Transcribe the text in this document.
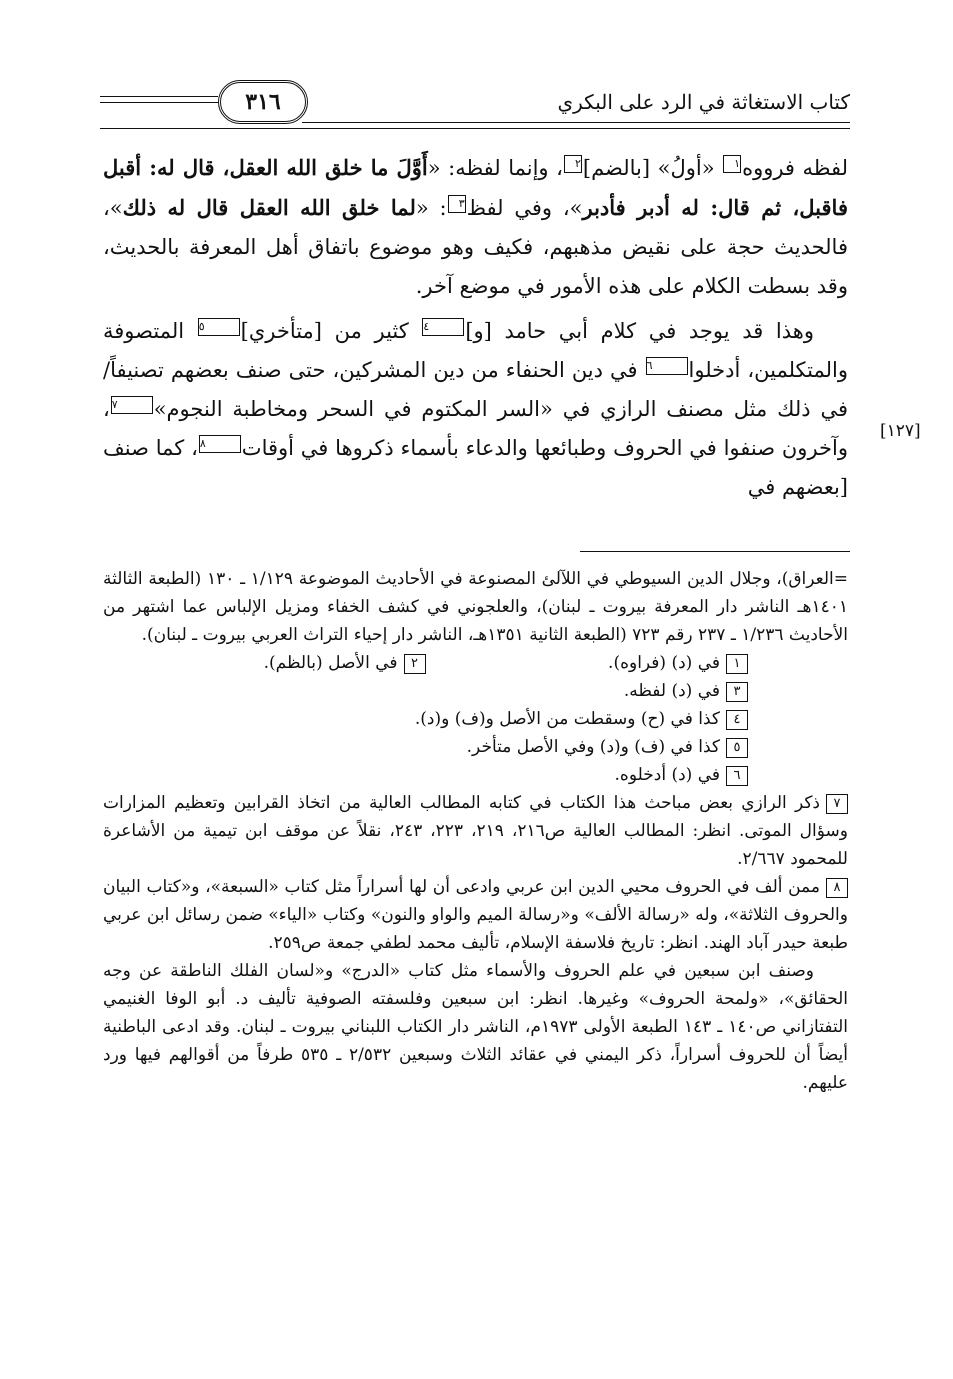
٣١٦	كتاب الاستغاثة في الرد على البكري
[١٢٧]

لفظه فرووه١ «أولُ» [بالضم]٢، وإنما لفظه: «أَوَّلَ ما خلق الله العقل، قال له: أقبل فاقبل، ثم قال: له أدبر فأدبر»، وفي لفظ٣: «لما خلق الله العقل قال له ذلك»، فالحديث حجة على نقيض مذهبهم، فكيف وهو موضوع باتفاق أهل المعرفة بالحديث، وقد بسطت الكلام على هذه الأمور في موضع آخر.

وهذا قد يوجد في كلام أبي حامد [و]٤ كثير من [متأخري]٥ المتصوفة والمتكلمين، أدخلوا٦ في دين الحنفاء من دين المشركين، حتى صنف بعضهم تصنيفاً/ في ذلك مثل مصنف الرازي في «السر المكتوم في السحر ومخاطبة النجوم»٧، وآخرون صنفوا في الحروف وطبائعها والدعاء بأسماء ذكروها في أوقات٨، كما صنف [بعضهم في

=العراق)، وجلال الدين السيوطي في اللآلئ المصنوعة في الأحاديث الموضوعة ١/١٢٩ ـ ١٣٠ (الطبعة الثالثة ١٤٠١هـ الناشر دار المعرفة بيروت ـ لبنان)، والعلجوني في كشف الخفاء ومزيل الإلباس عما اشتهر من الأحاديث ١/٢٣٦ ـ ٢٣٧ رقم ٧٢٣ (الطبعة الثانية ١٣٥١هـ، الناشر دار إحياء التراث العربي بيروت ـ لبنان).

١في (د) (فراوه).
٢في الأصل (بالظم).
٣في (د) لفظه.
٤كذا في (ح) وسقطت من الأصل و(ف) و(د).
٥كذا في (ف) و(د) وفي الأصل متأخر.
٦في (د) أدخلوه.
٧ذكر الرازي بعض مباحث هذا الكتاب في كتابه المطالب العالية من اتخاذ القرابين وتعظيم المزارات وسؤال الموتى. انظر: المطالب العالية ص٢١٦، ٢١٩، ٢٢٣، ٢٤٣، نقلاً عن موقف ابن تيمية من الأشاعرة للمحمود ٢/٦٦٧.
٨ممن ألف في الحروف محيي الدين ابن عربي وادعى أن لها أسراراً مثل كتاب «السبعة»، و«كتاب البيان والحروف الثلاثة»، وله «رسالة الألف» و«رسالة الميم والواو والنون» وكتاب «الياء» ضمن رسائل ابن عربي طبعة حيدر آباد الهند. انظر: تاريخ فلاسفة الإسلام، تأليف محمد لطفي جمعة ص٢٥٩.

وصنف ابن سبعين في علم الحروف والأسماء مثل كتاب «الدرج» و«لسان الفلك الناطقة عن وجه الحقائق»، «ولمحة الحروف» وغيرها. انظر: ابن سبعين وفلسفته الصوفية تأليف د. أبو الوفا الغنيمي التفتازاني ص١٤٠ ـ ١٤٣ الطبعة الأولى ١٩٧٣م، الناشر دار الكتاب اللبناني بيروت ـ لبنان. وقد ادعى الباطنية أيضاً أن للحروف أسراراً، ذكر اليمني في عقائد الثلاث وسبعين ٢/٥٣٢ ـ ٥٣٥ طرفاً من أقوالهم فيها ورد عليهم.
